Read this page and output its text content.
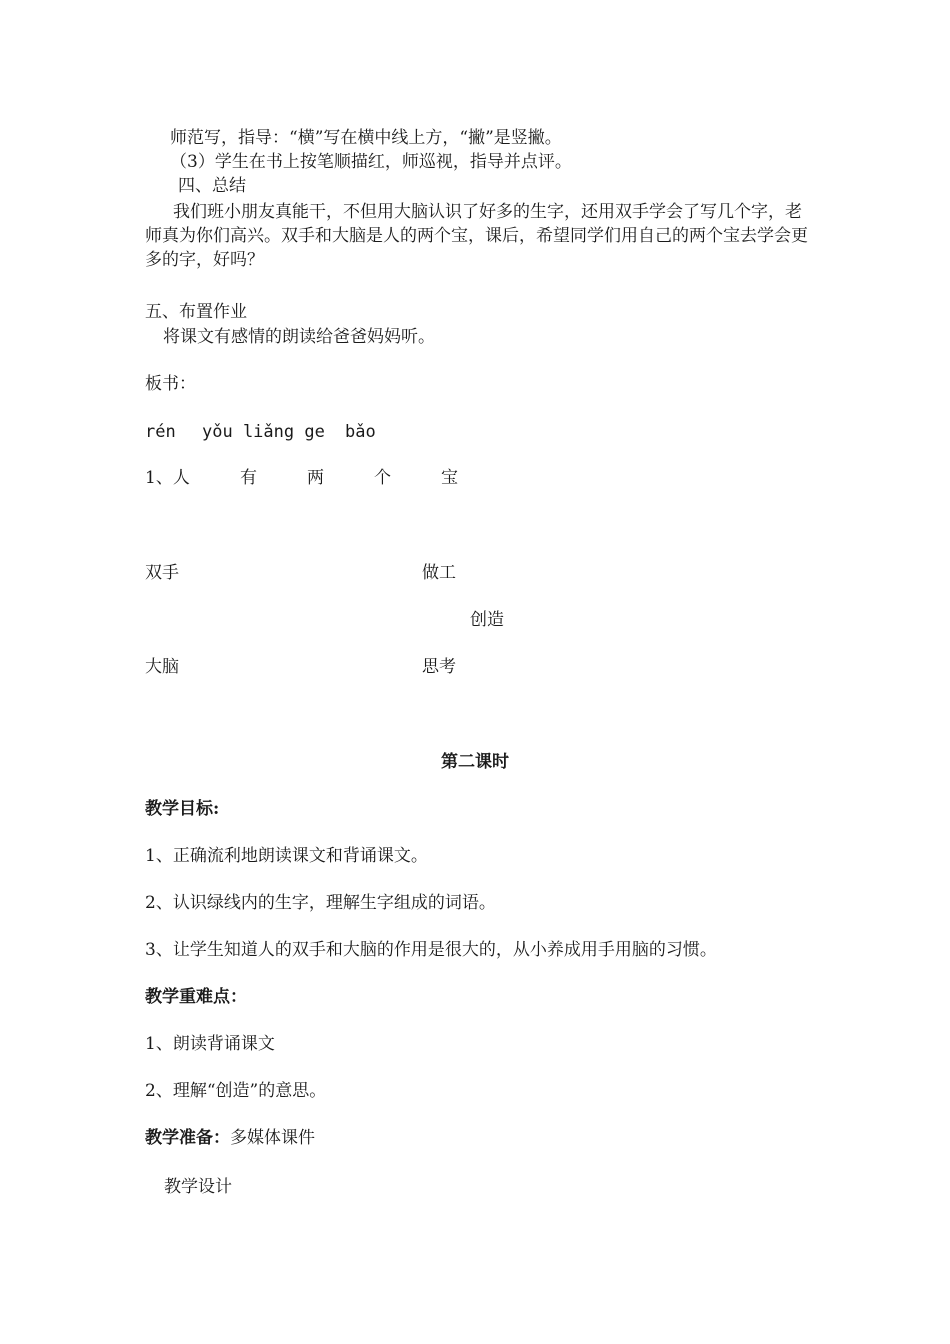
师范写，指导：“横”写在横中线上方，“撇”是竖撇。
（3）学生在书上按笔顺描红，师巡视，指导并点评。
四、总结
我们班小朋友真能干，不但用大脑认识了好多的生字，还用双手学会了写几个字，老师真为你们高兴。双手和大脑是人的两个宝，课后，希望同学们用自己的两个宝去学会更多的字，好吗？
五、布置作业
将课文有感情的朗读给爸爸妈妈听。
板书：
rén yǒu liǎng ge bǎo
1、人	有	两	个	宝
双手	做工
创造
大脑	思考
第二课时
教学目标:
1、正确流利地朗读课文和背诵课文。
2、认识绿线内的生字，理解生字组成的词语。
3、让学生知道人的双手和大脑的作用是很大的，从小养成用手用脑的习惯。
教学重难点：
1、朗读背诵课文
2、理解“创造”的意思。
教学准备：多媒体课件
教学设计
